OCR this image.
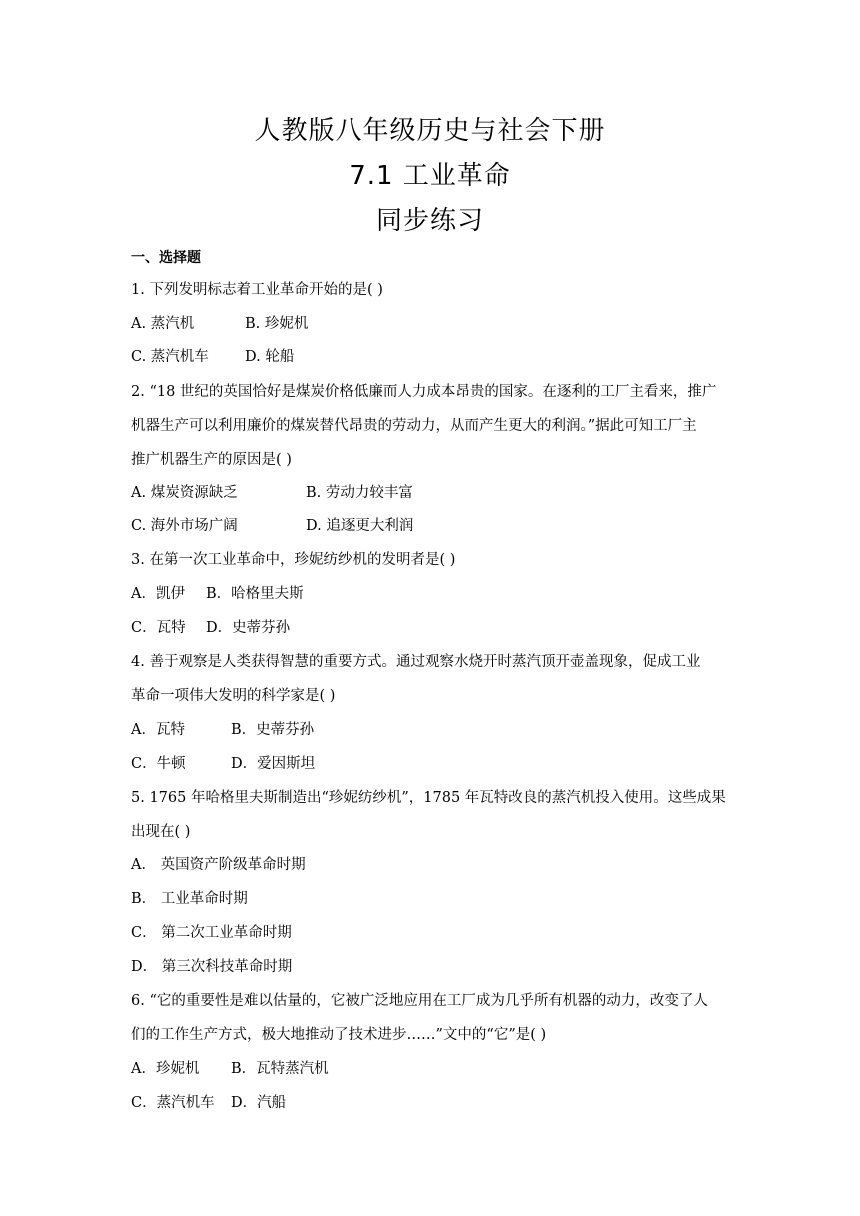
人教版八年级历史与社会下册
7.1 工业革命
同步练习
一、选择题
1. 下列发明标志着工业革命开始的是( )
A. 蒸汽机	B. 珍妮机
C. 蒸汽机车 D. 轮船
2. “18 世纪的英国恰好是煤炭价格低廉而人力成本昂贵的国家。在逐利的工厂主看来，推广
机器生产可以利用廉价的煤炭替代昂贵的劳动力，从而产生更大的利润。”据此可知工厂主
推广机器生产的原因是( )
A. 煤炭资源缺乏	B. 劳动力较丰富
C. 海外市场广阔	D. 追逐更大利润
3. 在第一次工业革命中，珍妮纺纱机的发明者是( )
A．凯伊 B．哈格里夫斯
C．瓦特 D．史蒂芬孙
4. 善于观察是人类获得智慧的重要方式。通过观察水烧开时蒸汽顶开壶盖现象，促成工业
革命一项伟大发明的科学家是( )
A．瓦特	B．史蒂芬孙
C．牛顿	D．爱因斯坦
5. 1765 年哈格里夫斯制造出“珍妮纺纱机”，1785 年瓦特改良的蒸汽机投入使用。这些成果
出现在( )
A． 英国资产阶级革命时期
B． 工业革命时期
C． 第二次工业革命时期
D． 第三次科技革命时期
6. “它的重要性是难以估量的，它被广泛地应用在工厂成为几乎所有机器的动力，改变了人
们的工作生产方式，极大地推动了技术进步……”文中的“它”是( )
A．珍妮机 B．瓦特蒸汽机
C．蒸汽机车 D．汽船
